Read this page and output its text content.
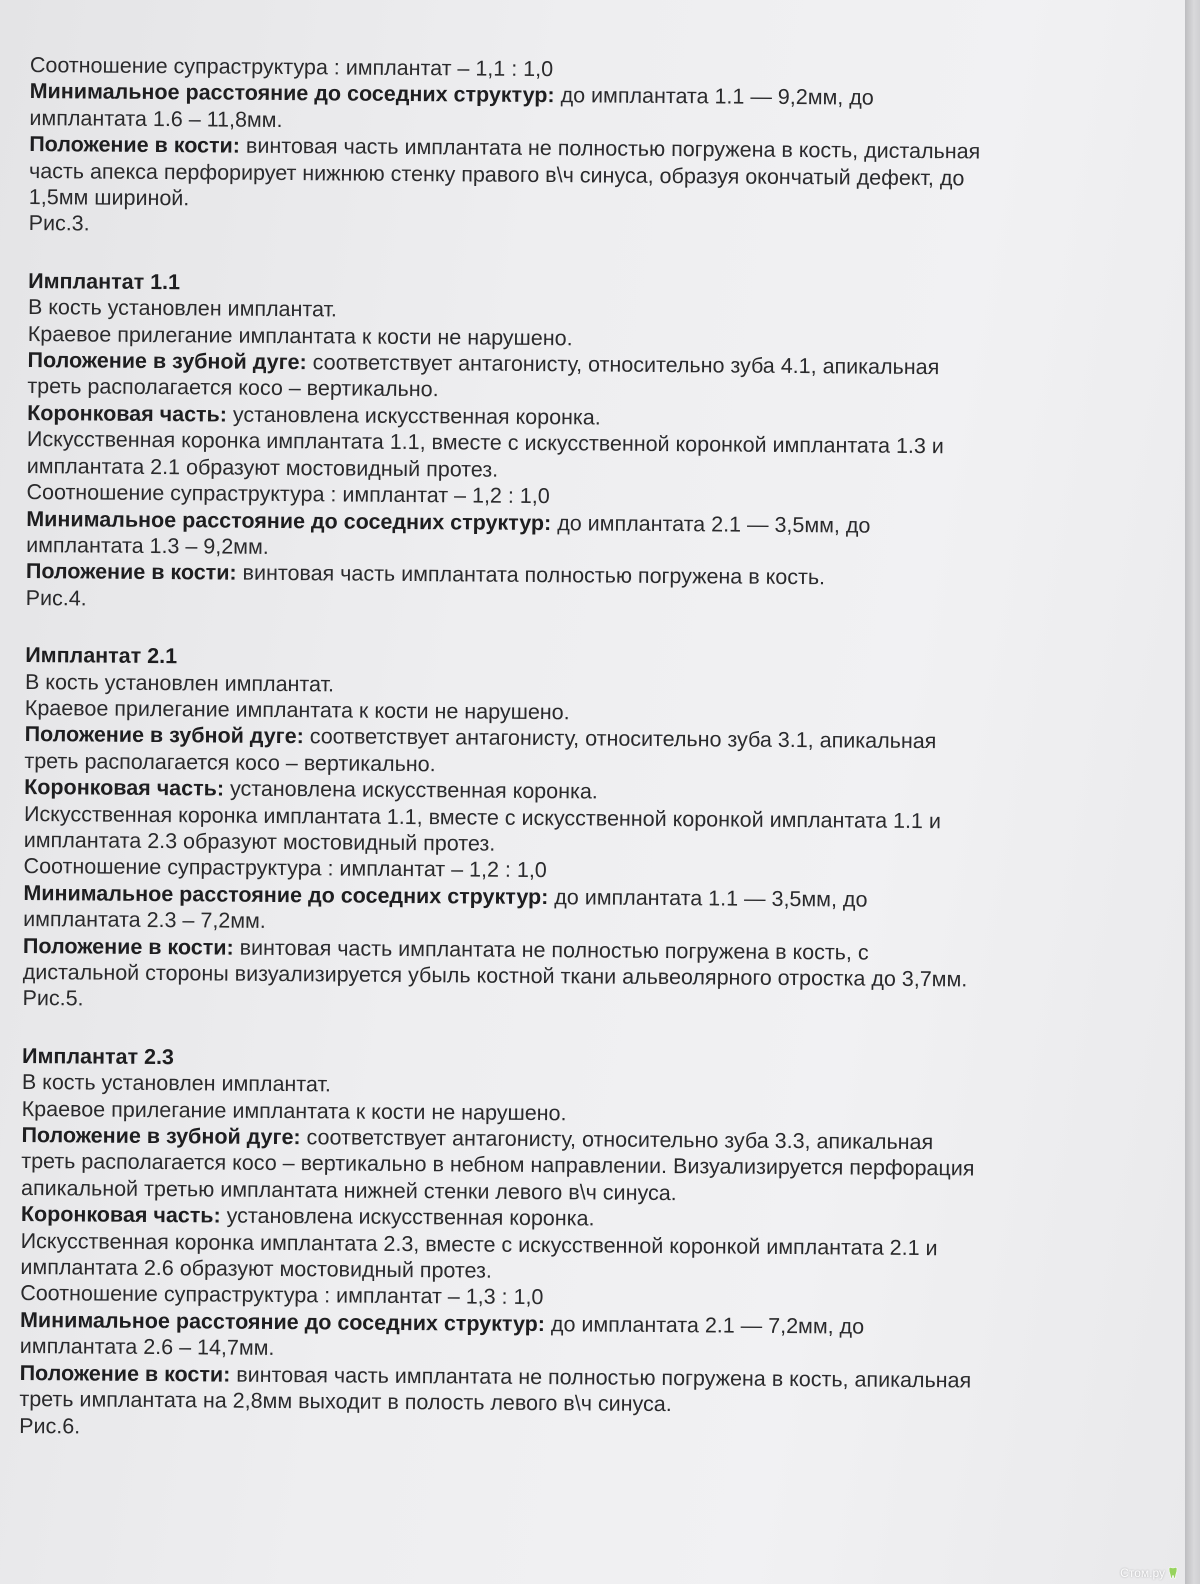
Соотношение супраструктура : имплантат – 1,1 : 1,0
Минимальное расстояние до соседних структур: до имплантата 1.1 — 9,2мм, до
имплантата 1.6 – 11,8мм.
Положение в кости: винтовая часть имплантата не полностью погружена в кость, дистальная
часть апекса перфорирует нижнюю стенку правого в\ч синуса, образуя окончатый дефект, до
1,5мм шириной.
Рис.3.
Имплантат 1.1
В кость установлен имплантат.
Краевое прилегание имплантата к кости не нарушено.
Положение в зубной дуге: соответствует антагонисту, относительно зуба 4.1, апикальная
треть располагается косо – вертикально.
Коронковая часть: установлена искусственная коронка.
Искусственная коронка имплантата 1.1, вместе с искусственной коронкой имплантата 1.3 и
имплантата 2.1 образуют мостовидный протез.
Соотношение супраструктура : имплантат – 1,2 : 1,0
Минимальное расстояние до соседних структур: до имплантата 2.1 — 3,5мм, до
имплантата 1.3 – 9,2мм.
Положение в кости: винтовая часть имплантата полностью погружена в кость.
Рис.4.
Имплантат 2.1
В кость установлен имплантат.
Краевое прилегание имплантата к кости не нарушено.
Положение в зубной дуге: соответствует антагонисту, относительно зуба 3.1, апикальная
треть располагается косо – вертикально.
Коронковая часть: установлена искусственная коронка.
Искусственная коронка имплантата 1.1, вместе с искусственной коронкой имплантата 1.1 и
имплантата 2.3 образуют мостовидный протез.
Соотношение супраструктура : имплантат – 1,2 : 1,0
Минимальное расстояние до соседних структур: до имплантата 1.1 — 3,5мм, до
имплантата 2.3 – 7,2мм.
Положение в кости: винтовая часть имплантата не полностью погружена в кость, с
дистальной стороны визуализируется убыль костной ткани альвеолярного отростка до 3,7мм.
Рис.5.
Имплантат 2.3
В кость установлен имплантат.
Краевое прилегание имплантата к кости не нарушено.
Положение в зубной дуге: соответствует антагонисту, относительно зуба 3.3, апикальная
треть располагается косо – вертикально в небном направлении. Визуализируется перфорация
апикальной третью имплантата нижней стенки левого в\ч синуса.
Коронковая часть: установлена искусственная коронка.
Искусственная коронка имплантата 2.3, вместе с искусственной коронкой имплантата 2.1 и
имплантата 2.6 образуют мостовидный протез.
Соотношение супраструктура : имплантат – 1,3 : 1,0
Минимальное расстояние до соседних структур: до имплантата 2.1 — 7,2мм, до
имплантата 2.6 – 14,7мм.
Положение в кости: винтовая часть имплантата не полностью погружена в кость, апикальная
треть имплантата на 2,8мм выходит в полость левого в\ч синуса.
Рис.6.
Стом.ру
